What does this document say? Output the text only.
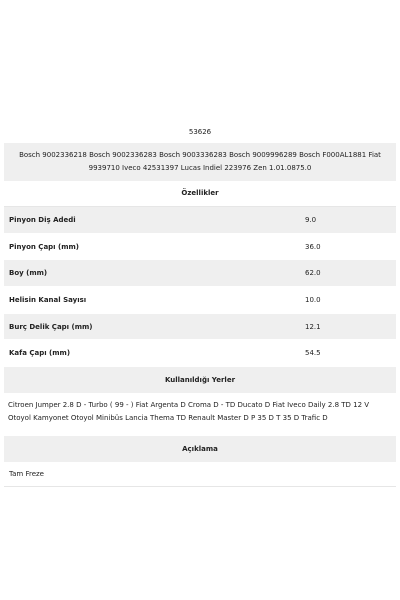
53626
Bosch 9002336218 Bosch 9002336283 Bosch 9003336283 Bosch 9009996289 Bosch F000AL1881 Fiat 9939710 Iveco 42531397 Lucas Indiel 223976 Zen 1.01.0875.0
Özellikler
Pinyon Diş Adedi	9.0
Pinyon Çapı (mm)	36.0
Boy (mm)	62.0
Helisin Kanal Sayısı	10.0
Burç Delik Çapı (mm)	12.1
Kafa Çapı (mm)	54.5
Kullanıldığı Yerler
Citroen Jumper 2.8 D - Turbo ( 99 - ) Fiat Argenta D Croma D - TD Ducato D Fiat Iveco Daily 2.8 TD 12 V Otoyol Kamyonet Otoyol Minibüs Lancia Thema TD Renault Master D P 35 D T 35 D Trafic D
Açıklama
Tam Freze
